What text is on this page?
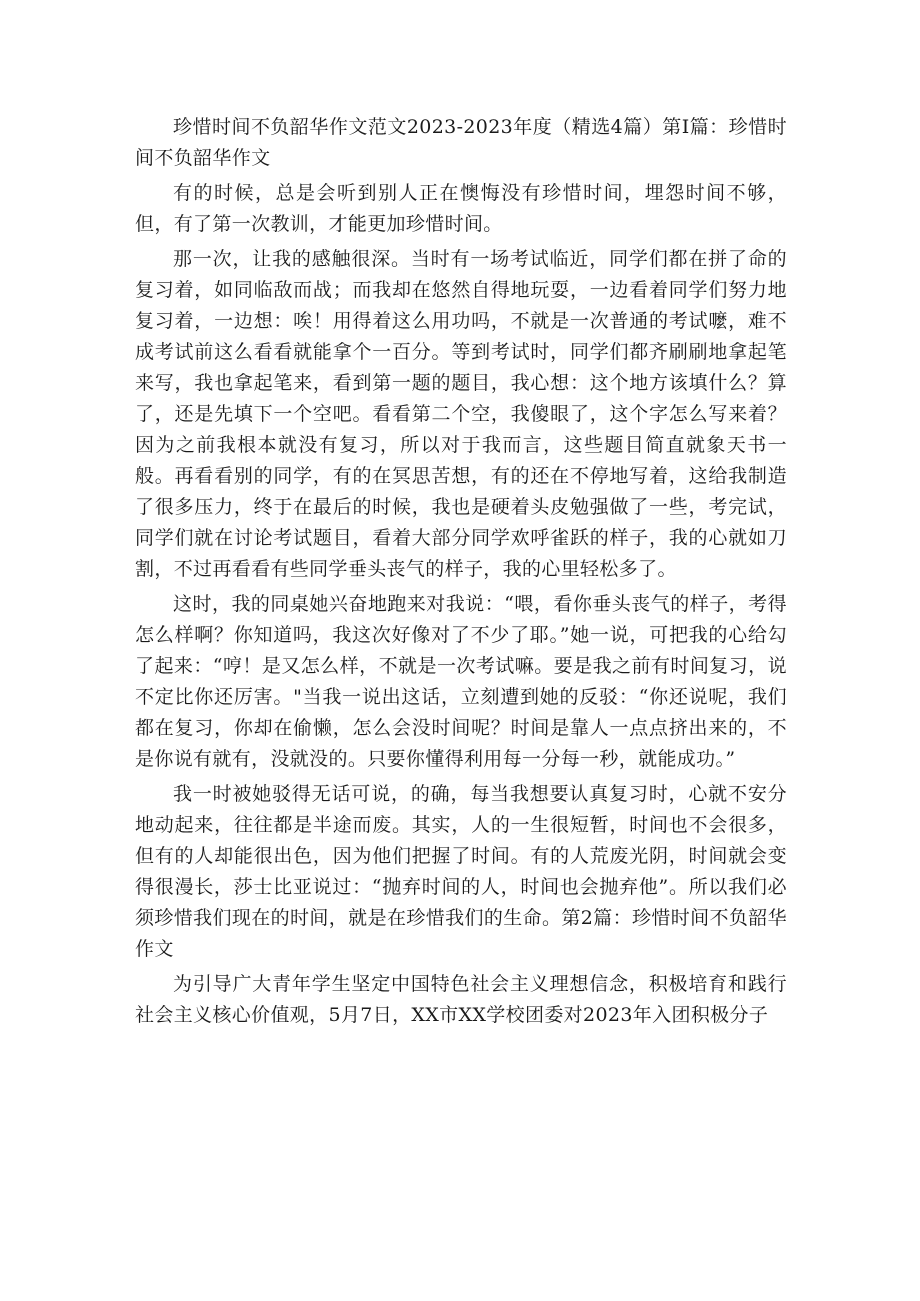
珍惜时间不负韶华作文范文2023-2023年度（精选4篇）第Ⅰ篇：珍惜时间不负韶华作文

有的时候，总是会听到别人正在懊悔没有珍惜时间，埋怨时间不够，但，有了第一次教训，才能更加珍惜时间。

那一次，让我的感触很深。当时有一场考试临近，同学们都在拼了命的复习着，如同临敌而战；而我却在悠然自得地玩耍，一边看着同学们努力地复习着，一边想：唉！用得着这么用功吗，不就是一次普通的考试嚒，难不成考试前这么看看就能拿个一百分。等到考试时，同学们都齐刷刷地拿起笔来写，我也拿起笔来，看到第一题的题目，我心想：这个地方该填什么？算了，还是先填下一个空吧。看看第二个空，我傻眼了，这个字怎么写来着？因为之前我根本就没有复习，所以对于我而言，这些题目简直就象天书一般。再看看别的同学，有的在冥思苦想，有的还在不停地写着，这给我制造了很多压力，终于在最后的时候，我也是硬着头皮勉强做了一些，考完试，同学们就在讨论考试题目，看着大部分同学欢呼雀跃的样子，我的心就如刀割，不过再看看有些同学垂头丧气的样子，我的心里轻松多了。

这时，我的同桌她兴奋地跑来对我说：“喂，看你垂头丧气的样子，考得怎么样啊？你知道吗，我这次好像对了不少了耶。”她一说，可把我的心给勾了起来：“哼！是又怎么样，不就是一次考试嘛。要是我之前有时间复习，说不定比你还厉害。"当我一说出这话，立刻遭到她的反驳：“你还说呢，我们都在复习，你却在偷懒，怎么会没时间呢？时间是靠人一点点挤出来的，不是你说有就有，没就没的。只要你懂得利用每一分每一秒，就能成功。”

我一时被她驳得无话可说，的确，每当我想要认真复习时，心就不安分地动起来，往往都是半途而废。其实，人的一生很短暂，时间也不会很多，但有的人却能很出色，因为他们把握了时间。有的人荒废光阴，时间就会变得很漫长，莎士比亚说过：“抛弃时间的人，时间也会抛弃他”。所以我们必须珍惜我们现在的时间，就是在珍惜我们的生命。第2篇：珍惜时间不负韶华作文

为引导广大青年学生坚定中国特色社会主义理想信念，积极培育和践行社会主义核心价值观，5月7日，XX市XX学校团委对2023年入团积极分子
